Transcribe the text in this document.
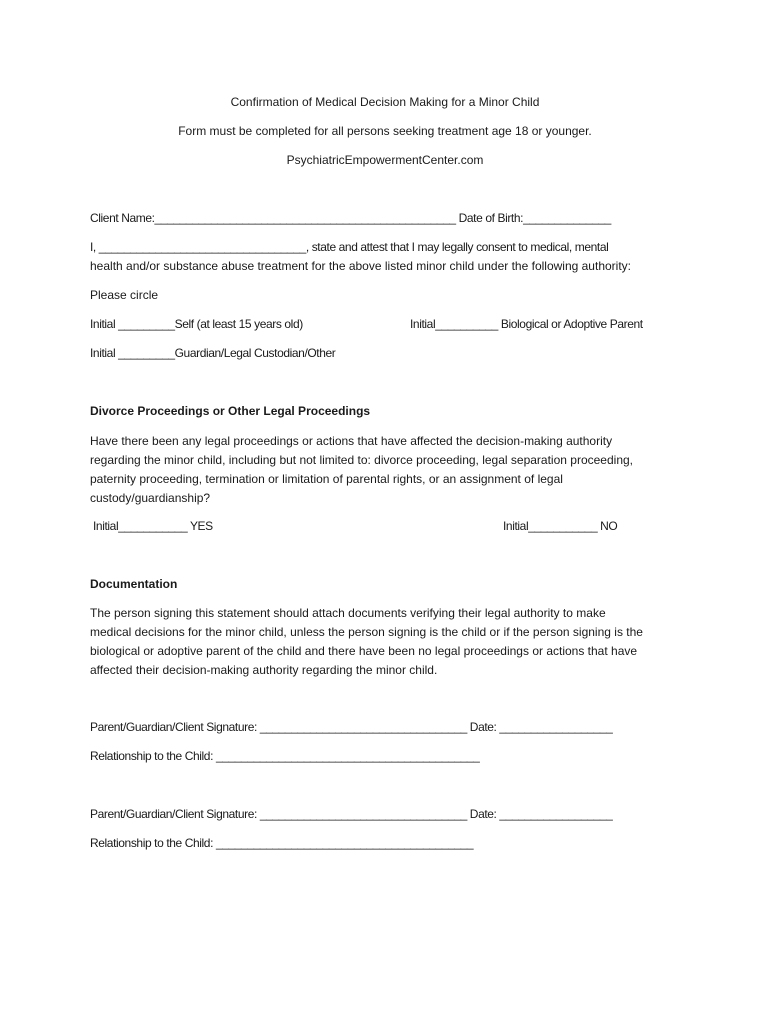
Confirmation of Medical Decision Making for a Minor Child
Form must be completed for all persons seeking treatment age 18 or younger.
PsychiatricEmpowermentCenter.com
Client Name:________________________________________________ Date of Birth:______________
I, _________________________________, state and attest that I may legally consent to medical, mental
health and/or substance abuse treatment for the above listed minor child under the following authority:
Please circle
Initial _________Self (at least 15 years old)	Initial__________ Biological or Adoptive Parent
Initial _________Guardian/Legal Custodian/Other
Divorce Proceedings or Other Legal Proceedings
Have there been any legal proceedings or actions that have affected the decision-making authority
regarding the minor child, including but not limited to: divorce proceeding, legal separation proceeding,
paternity proceeding, termination or limitation of parental rights, or an assignment of legal
custody/guardianship?
Initial___________ YES	Initial___________ NO
Documentation
The person signing this statement should attach documents verifying their legal authority to make
medical decisions for the minor child, unless the person signing is the child or if the person signing is the
biological or adoptive parent of the child and there have been no legal proceedings or actions that have
affected their decision-making authority regarding the minor child.
Parent/Guardian/Client Signature: _________________________________ Date: __________________
Relationship to the Child: __________________________________________
Parent/Guardian/Client Signature: _________________________________ Date: __________________
Relationship to the Child: _________________________________________
